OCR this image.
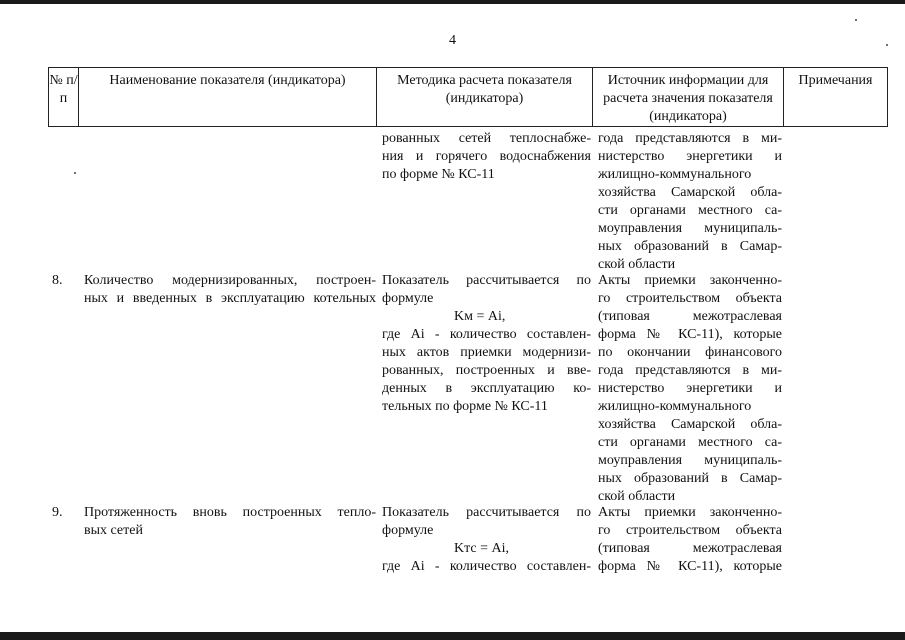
4
№ п/п
Наименование показателя (индикатора)	Методика расчета показателя (индикатора)
Источник информации для расчета значения показателя (индикатора)
Примечания
рованных сетей теплоснабже-
ния и горячего водоснабжения
по форме № КС-11
года представляются в ми-
нистерство энергетики и
жилищно-коммунального
хозяйства Самарской обла-
сти органами местного са-
моуправления муниципаль-
ных образований в Самар-
ской области
8. Количество модернизированных, построен-
ных и введенных в эксплуатацию котельных
Показатель рассчитывается по
формуле
Kм = Ai,
где Ai - количество составлен-
ных актов приемки модернизи-
рованных, построенных и вве-
денных в эксплуатацию ко-
тельных по форме № КС-11
Акты приемки законченно-
го строительством объекта
(типовая межотраслевая
форма № КС-11), которые
по окончании финансового
года представляются в ми-
нистерство энергетики и
жилищно-коммунального
хозяйства Самарской обла-
сти органами местного са-
моуправления муниципаль-
ных образований в Самар-
ской области
9. Протяженность вновь построенных тепло-
вых сетей
Показатель рассчитывается по
формуле
Kтс = Ai,
где Ai - количество составлен-
Акты приемки законченно-
го строительством объекта
(типовая межотраслевая
форма № КС-11), которые
